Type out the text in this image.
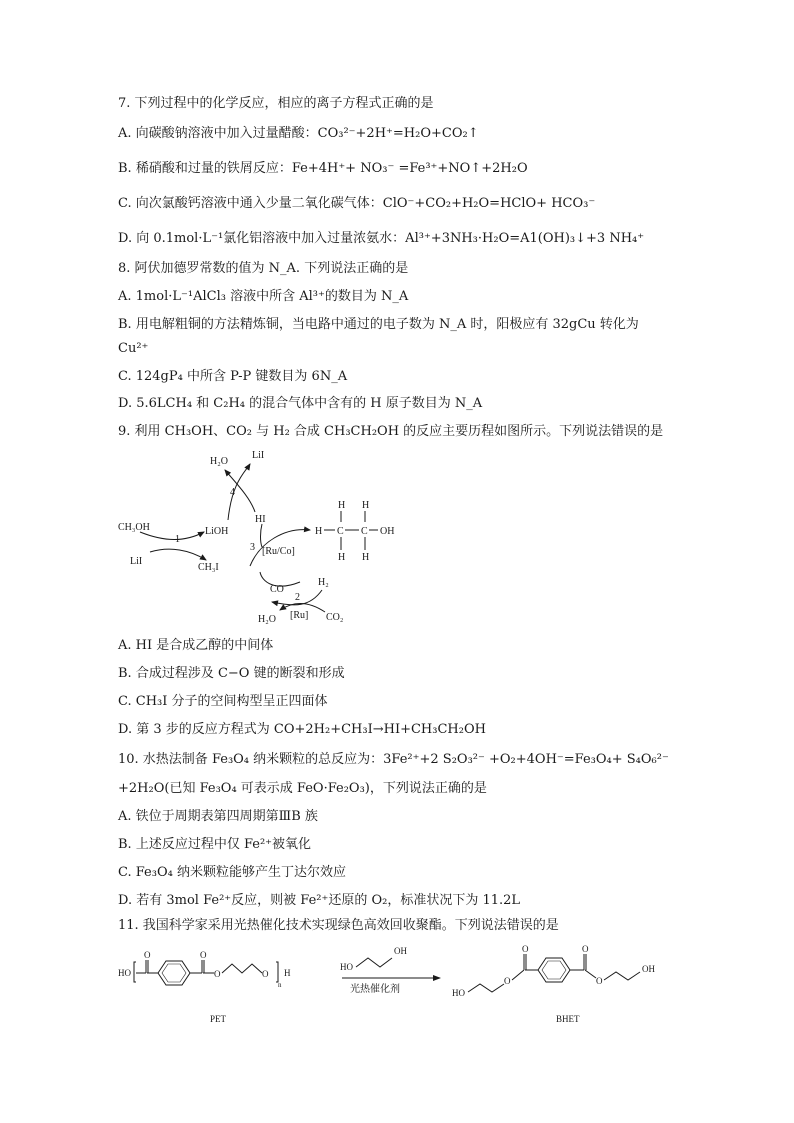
7. 下列过程中的化学反应，相应的离子方程式正确的是
A. 向碳酸钠溶液中加入过量醋酸：CO₃²⁻+2H⁺=H₂O+CO₂↑
B. 稀硝酸和过量的铁屑反应：Fe+4H⁺+ NO₃⁻ =Fe³⁺+NO↑+2H₂O
C. 向次氯酸钙溶液中通入少量二氧化碳气体：ClO⁻+CO₂+H₂O=HClO+ HCO₃⁻
D. 向 0.1mol·L⁻¹氯化铝溶液中加入过量浓氨水：Al³⁺+3NH₃·H₂O=A1(OH)₃↓+3 NH₄⁺
8. 阿伏加德罗常数的值为 N_A. 下列说法正确的是
A. 1mol·L⁻¹AlCl₃ 溶液中所含 Al³⁺的数目为 N_A
B. 用电解粗铜的方法精炼铜，当电路中通过的电子数为 N_A 时，阳极应有 32gCu 转化为
Cu²⁺
C. 124gP₄ 中所含 P-P 键数目为 6N_A
D. 5.6LCH₄ 和 C₂H₄ 的混合气体中含有的 H 原子数目为 N_A
9. 利用 CH₃OH、CO₂ 与 H₂ 合成 CH₃CH₂OH 的反应主要历程如图所示。下列说法错误的是
H₂O
LiI
4
LiOH
HI
CH₃OH
1
LiI
CH₃I
3 [Ru/Co]
H H
H C C OH
H H
CO
H₂
2
[Ru]
H₂O	CO₂
A. HI 是合成乙醇的中间体
B. 合成过程涉及 C−O 键的断裂和形成
C. CH₃I 分子的空间构型呈正四面体
D. 第 3 步的反应方程式为 CO+2H₂+CH₃I→HI+CH₃CH₂OH
10. 水热法制备 Fe₃O₄ 纳米颗粒的总反应为：3Fe²⁺+2 S₂O₃²⁻ +O₂+4OH⁻=Fe₃O₄+ S₄O₆²⁻
+2H₂O(已知 Fe₃O₄ 可表示成 FeO·Fe₂O₃)，下列说法正确的是
A. 铁位于周期表第四周期第ⅢB 族
B. 上述反应过程中仅 Fe²⁺被氧化
C. Fe₃O₄ 纳米颗粒能够产生丁达尔效应
D. 若有 3mol Fe²⁺反应，则被 Fe²⁺还原的 O₂，标准状况下为 11.2L
11. 我国科学家采用光热催化技术实现绿色高效回收聚酯。下列说法错误的是
HO
O	O
O	O
n
H
PET
HO
OH
光热催化剂	HO
O
O	O
O
OH
BHET
